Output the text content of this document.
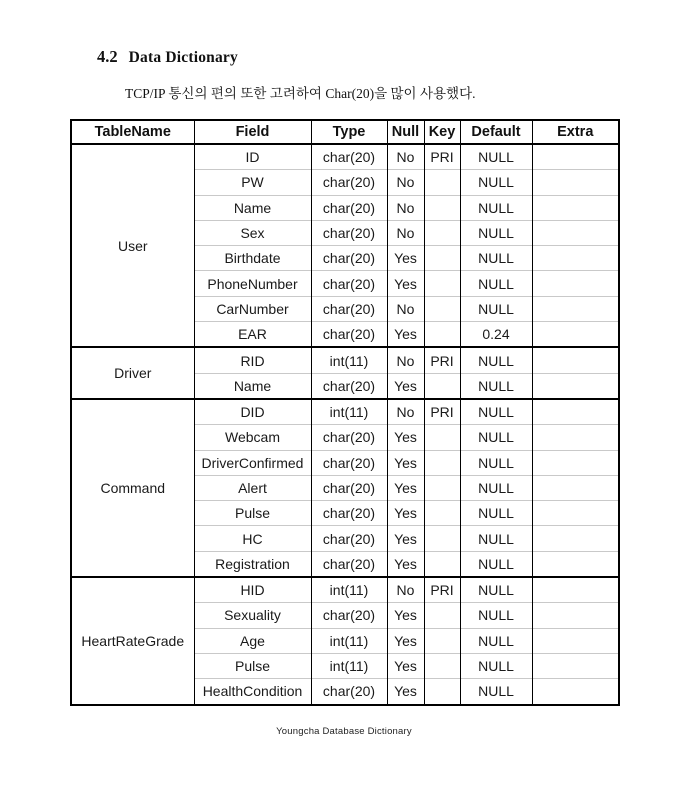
4.2 Data Dictionary

TCP/IP 통신의 편의 또한 고려하여 Char(20)을 많이 사용했다.

TableName	Field	Type	Null	Key	Default	Extra
User	ID	char(20)	No	PRI	NULL	
	PW	char(20)	No		NULL	
	Name	char(20)	No		NULL	
	Sex	char(20)	No		NULL	
	Birthdate	char(20)	Yes		NULL	
	PhoneNumber	char(20)	Yes		NULL	
	CarNumber	char(20)	No		NULL	
	EAR	char(20)	Yes		0.24	
Driver	RID	int(11)	No	PRI	NULL	
	Name	char(20)	Yes		NULL	
Command	DID	int(11)	No	PRI	NULL	
	Webcam	char(20)	Yes		NULL	
	DriverConfirmed	char(20)	Yes		NULL	
	Alert	char(20)	Yes		NULL	
	Pulse	char(20)	Yes		NULL	
	HC	char(20)	Yes		NULL	
	Registration	char(20)	Yes		NULL	
HeartRateGrade	HID	int(11)	No	PRI	NULL	
	Sexuality	char(20)	Yes		NULL	
	Age	int(11)	Yes		NULL	
	Pulse	int(11)	Yes		NULL	
	HealthCondition	char(20)	Yes		NULL	
Youngcha Database Dictionary
